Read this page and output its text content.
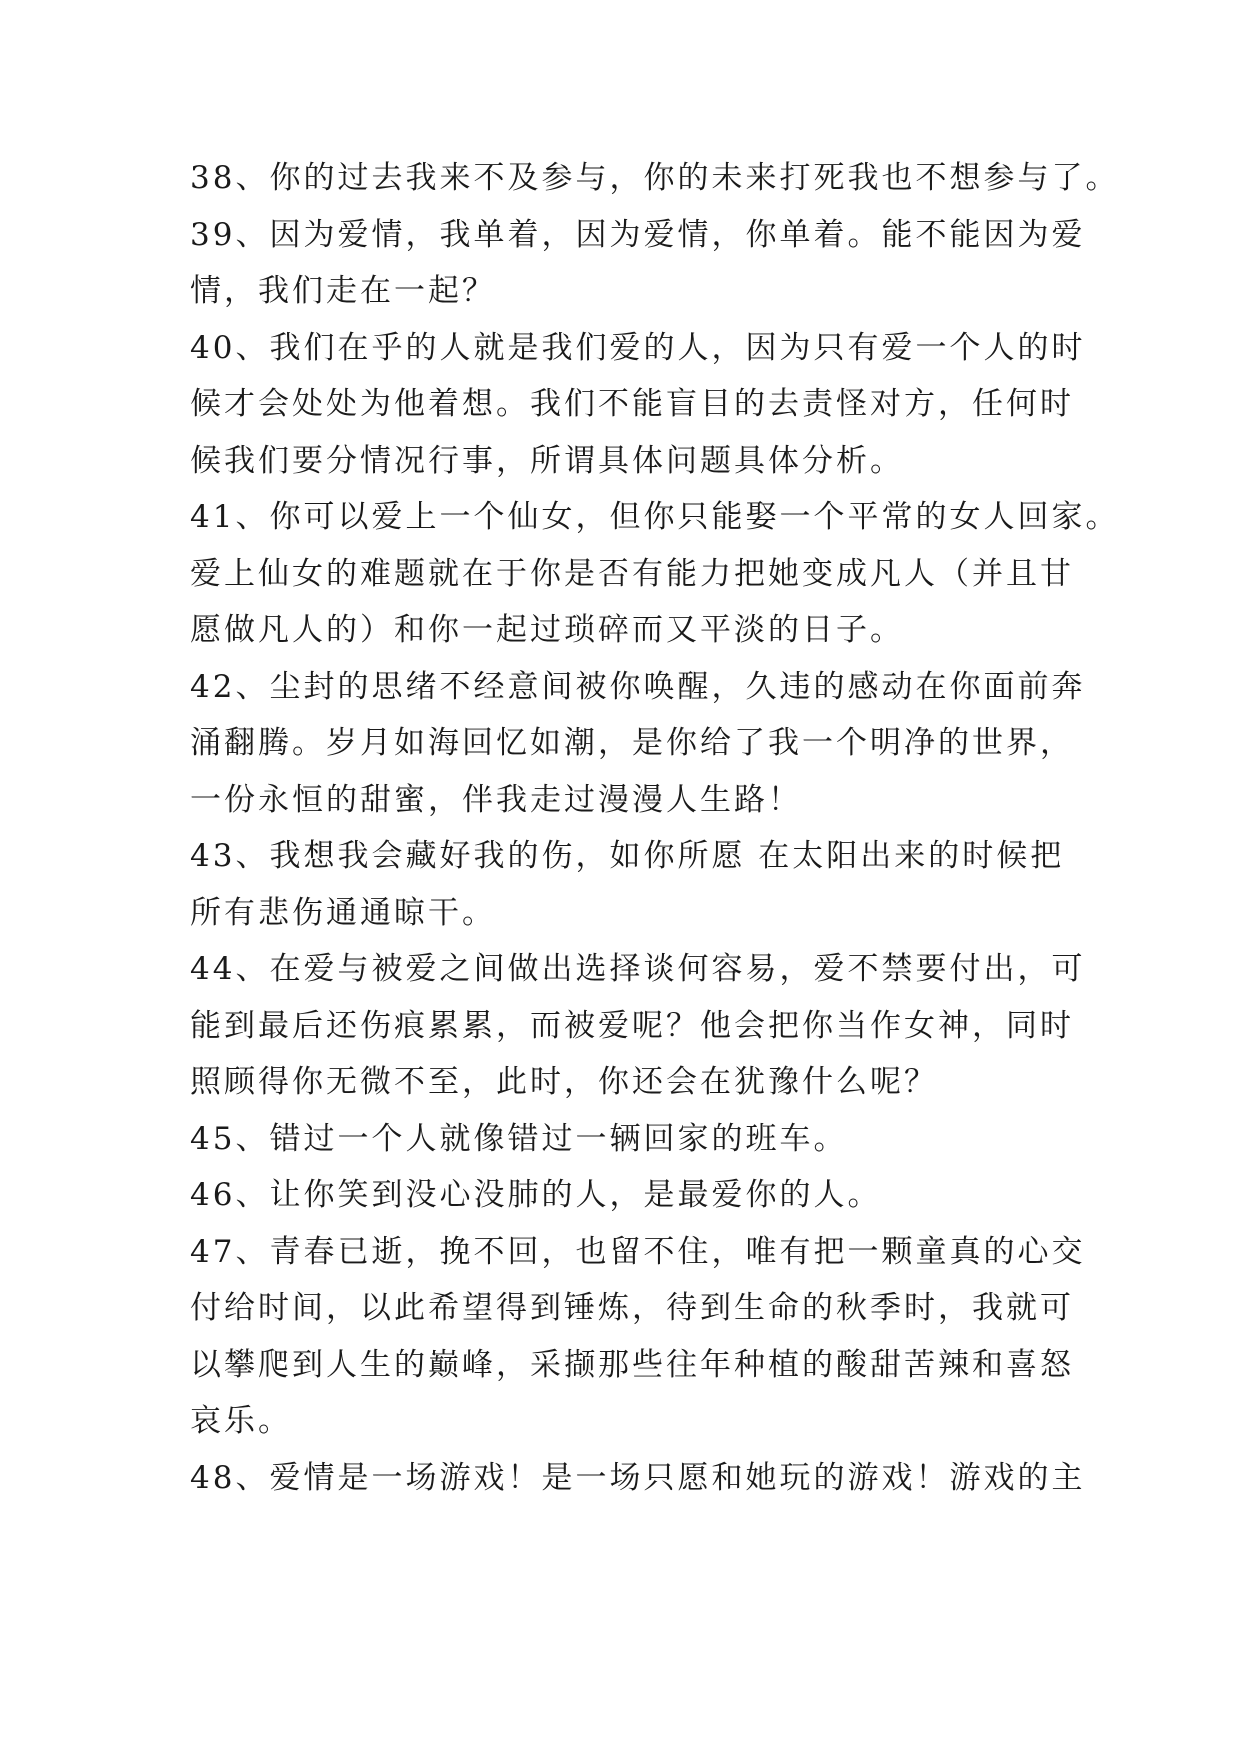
38、你的过去我来不及参与，你的未来打死我也不想参与了。
39、因为爱情，我单着，因为爱情，你单着。能不能因为爱
情，我们走在一起？
40、我们在乎的人就是我们爱的人，因为只有爱一个人的时
候才会处处为他着想。我们不能盲目的去责怪对方，任何时
候我们要分情况行事，所谓具体问题具体分析。
41、你可以爱上一个仙女，但你只能娶一个平常的女人回家。
爱上仙女的难题就在于你是否有能力把她变成凡人（并且甘
愿做凡人的）和你一起过琐碎而又平淡的日子。
42、尘封的思绪不经意间被你唤醒，久违的感动在你面前奔
涌翻腾。岁月如海回忆如潮，是你给了我一个明净的世界，
一份永恒的甜蜜，伴我走过漫漫人生路！
43、我想我会藏好我的伤，如你所愿 在太阳出来的时候把
所有悲伤通通晾干。
44、在爱与被爱之间做出选择谈何容易，爱不禁要付出，可
能到最后还伤痕累累，而被爱呢？他会把你当作女神，同时
照顾得你无微不至，此时，你还会在犹豫什么呢？
45、错过一个人就像错过一辆回家的班车。
46、让你笑到没心没肺的人，是最爱你的人。
47、青春已逝，挽不回，也留不住，唯有把一颗童真的心交
付给时间，以此希望得到锤炼，待到生命的秋季时，我就可
以攀爬到人生的巅峰，采撷那些往年种植的酸甜苦辣和喜怒
哀乐。
48、爱情是一场游戏！是一场只愿和她玩的游戏！游戏的主
